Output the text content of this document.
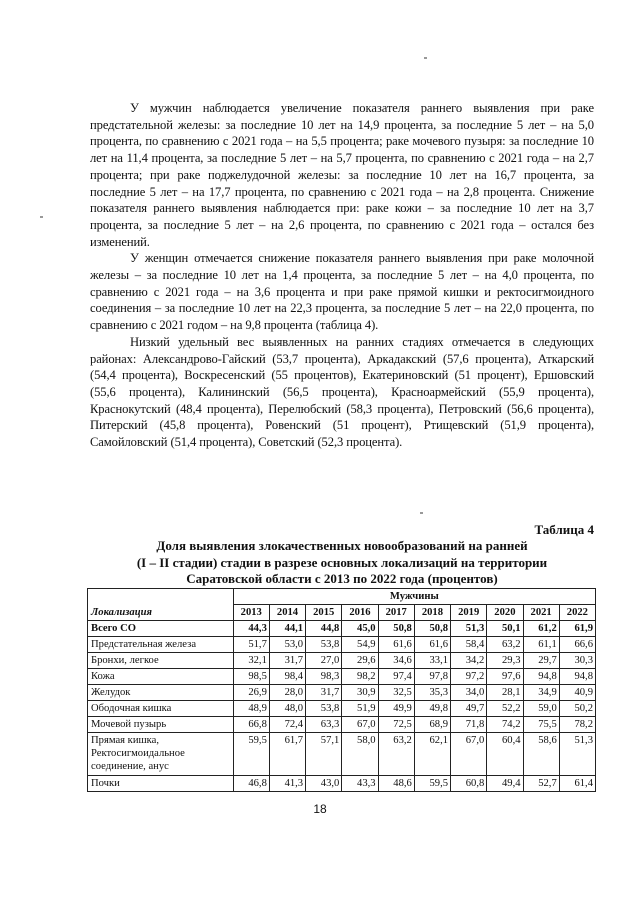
У мужчин наблюдается увеличение показателя раннего выявления при раке предстательной железы: за последние 10 лет на 14,9 процента, за последние 5 лет – на 5,0 процента, по сравнению с 2021 года – на 5,5 процента; раке мочевого пузыря: за последние 10 лет на 11,4 процента, за последние 5 лет – на 5,7 процента, по сравнению с 2021 года – на 2,7 процента; при раке поджелудочной железы: за последние 10 лет на 16,7 процента, за последние 5 лет – на 17,7 процента, по сравнению с 2021 года – на 2,8 процента. Снижение показателя раннего выявления наблюдается при: раке кожи – за последние 10 лет на 3,7 процента, за последние 5 лет – на 2,6 процента, по сравнению с 2021 года – остался без изменений.

У женщин отмечается снижение показателя раннего выявления при раке молочной железы – за последние 10 лет на 1,4 процента, за последние 5 лет – на 4,0 процента, по сравнению с 2021 года – на 3,6 процента и при раке прямой кишки и ректосигмоидного соединения – за последние 10 лет на 22,3 процента, за последние 5 лет – на 22,0 процента, по сравнению с 2021 годом – на 9,8 процента (таблица 4).

Низкий удельный вес выявленных на ранних стадиях отмечается в следующих районах: Александрово-Гайский (53,7 процента), Аркадакский (57,6 процента), Аткарский (54,4 процента), Воскресенский (55 процентов), Екатериновский (51 процент), Ершовский (55,6 процента), Калининский (56,5 процента), Красноармейский (55,9 процента), Краснокутский (48,4 процента), Перелюбский (58,3 процента), Петровский (56,6 процента), Питерский (45,8 процента), Ровенский (51 процент), Ртищевский (51,9 процента), Самойловский (51,4 процента), Советский (52,3 процента).

Таблица 4
Доля выявления злокачественных новообразований на ранней
(I – II стадии) стадии в разрезе основных локализаций на территории
Саратовской области с 2013 по 2022 года (процентов)
	Мужчины									
Локализация	2013	2014	2015	2016	2017	2018	2019	2020	2021	2022
Всего СО	44,3	44,1	44,8	45,0	50,8	50,8	51,3	50,1	61,2	61,9
Предстательная железа	51,7	53,0	53,8	54,9	61,6	61,6	58,4	63,2	61,1	66,6
Бронхи, легкое	32,1	31,7	27,0	29,6	34,6	33,1	34,2	29,3	29,7	30,3
Кожа	98,5	98,4	98,3	98,2	97,4	97,8	97,2	97,6	94,8	94,8
Желудок	26,9	28,0	31,7	30,9	32,5	35,3	34,0	28,1	34,9	40,9
Ободочная кишка	48,9	48,0	53,8	51,9	49,9	49,8	49,7	52,2	59,0	50,2
Мочевой пузырь	66,8	72,4	63,3	67,0	72,5	68,9	71,8	74,2	75,5	78,2
Прямая кишка, Ректосигмоидальное соединение, анус	59,5	61,7	57,1	58,0	63,2	62,1	67,0	60,4	58,6	51,3
Почки	46,8	41,3	43,0	43,3	48,6	59,5	60,8	49,4	52,7	61,4
18
